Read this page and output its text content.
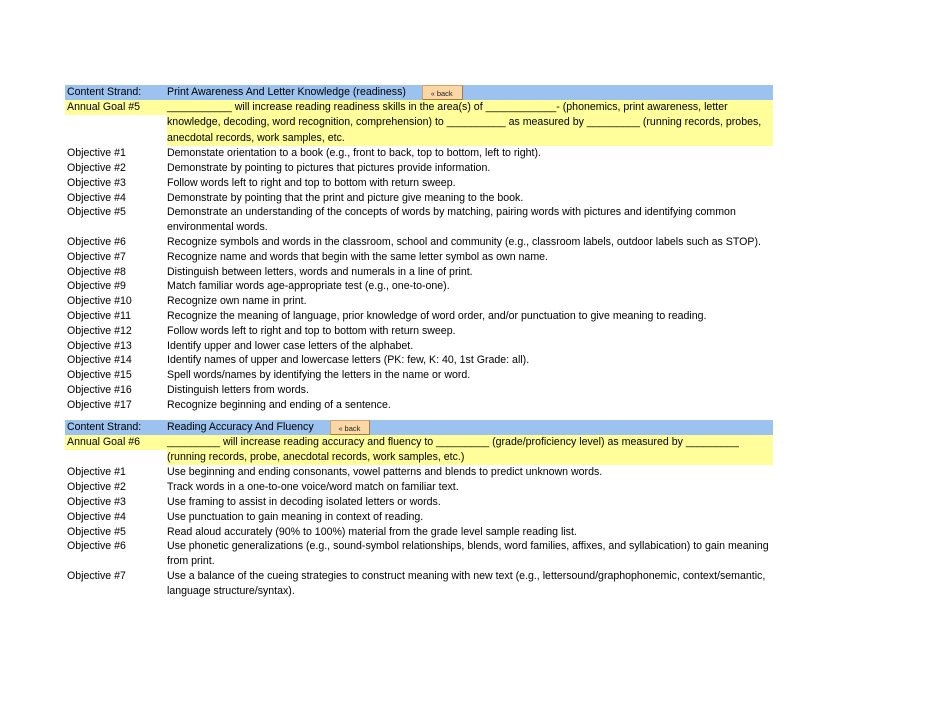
Content Strand:	Print Awareness And Letter Knowledge (readiness)	« back
Annual Goal #5	___________ will increase reading readiness skills in the area(s) of ____________- (phonemics, print awareness, letter knowledge, decoding, word recognition, comprehension) to __________ as measured by _________ (running records, probes, anecdotal records, work samples, etc.
Objective #1	Demonstate orientation to a book (e.g., front to back, top to bottom, left to right).
Objective #2	Demonstrate by pointing to pictures that pictures provide information.
Objective #3	Follow words left to right and top to bottom with return sweep.
Objective #4	Demonstrate by pointing that the print and picture give meaning to the book.
Objective #5	Demonstrate an understanding of the concepts of words by matching, pairing words with pictures and identifying common environmental words.
Objective #6	Recognize symbols and words in the classroom, school and community (e.g., classroom labels, outdoor labels such as STOP).
Objective #7	Recognize name and words that begin with the same letter symbol as own name.
Objective #8	Distinguish between letters, words and numerals in a line of print.
Objective #9	Match familiar words age-appropriate test (e.g., one-to-one).
Objective #10	Recognize own name in print.
Objective #11	Recognize the meaning of language, prior knowledge of word order, and/or punctuation to give meaning to reading.
Objective #12	Follow words left to right and top to bottom with return sweep.
Objective #13	Identify upper and lower case letters of the alphabet.
Objective #14	Identify names of upper and lowercase letters (PK: few, K: 40, 1st Grade: all).
Objective #15	Spell words/names by identifying the letters in the name or word.
Objective #16	Distinguish letters from words.
Objective #17	Recognize beginning and ending of a sentence.
Content Strand:	Reading Accuracy And Fluency	« back
Annual Goal #6	_________ will increase reading accuracy and fluency to _________ (grade/proficiency level) as measured by _________ (running records, probe, anecdotal records, work samples, etc.)
Objective #1	Use beginning and ending consonants, vowel patterns and blends to predict unknown words.
Objective #2	Track words in a one-to-one voice/word match on familiar text.
Objective #3	Use framing to assist in decoding isolated letters or words.
Objective #4	Use punctuation to gain meaning in context of reading.
Objective #5	Read aloud accurately (90% to 100%) material from the grade level sample reading list.
Objective #6	Use phonetic generalizations (e.g., sound-symbol relationships, blends, word families, affixes, and syllabication) to gain meaning from print.
Objective #7	Use a balance of the cueing strategies to construct meaning with new text (e.g., lettersound/graphophonemic, context/semantic, language structure/syntax).
